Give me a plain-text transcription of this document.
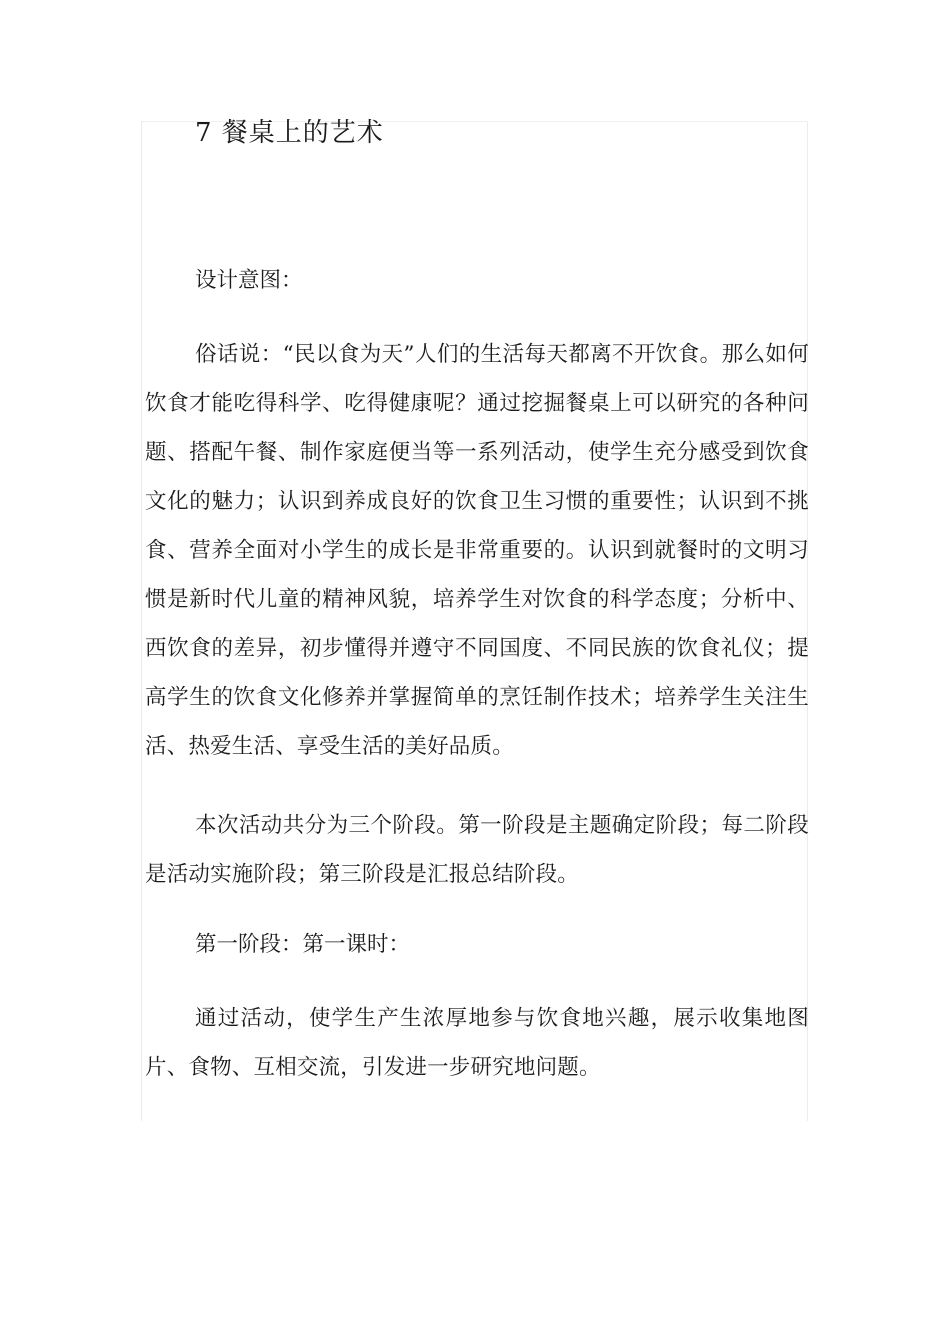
7 餐桌上的艺术

设计意图：

俗话说：“民以食为天”人们的生活每天都离不开饮食。那么如何饮食才能吃得科学、吃得健康呢？通过挖掘餐桌上可以研究的各种问题、搭配午餐、制作家庭便当等一系列活动，使学生充分感受到饮食文化的魅力；认识到养成良好的饮食卫生习惯的重要性；认识到不挑食、营养全面对小学生的成长是非常重要的。认识到就餐时的文明习惯是新时代儿童的精神风貌，培养学生对饮食的科学态度；分析中、西饮食的差异，初步懂得并遵守不同国度、不同民族的饮食礼仪；提高学生的饮食文化修养并掌握简单的烹饪制作技术；培养学生关注生活、热爱生活、享受生活的美好品质。

本次活动共分为三个阶段。第一阶段是主题确定阶段；每二阶段是活动实施阶段；第三阶段是汇报总结阶段。

第一阶段：第一课时：

通过活动，使学生产生浓厚地参与饮食地兴趣，展示收集地图片、食物、互相交流，引发进一步研究地问题。
